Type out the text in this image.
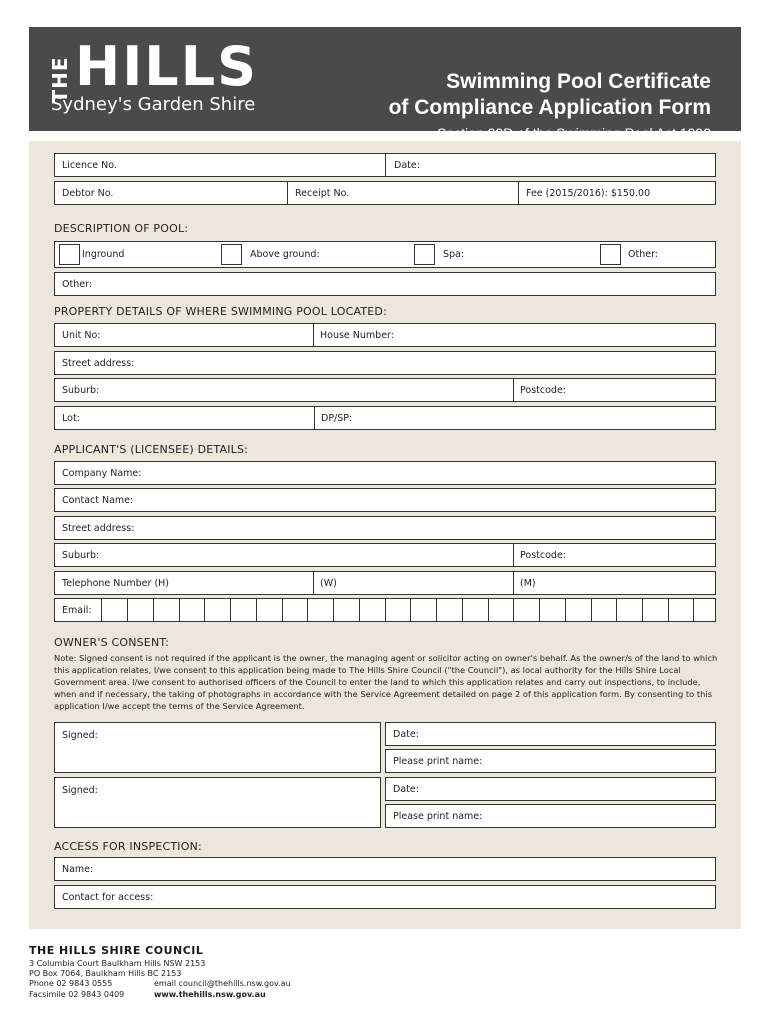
THE HILLS
Sydney's Garden Shire
Swimming Pool Certificate
of Compliance Application Form
Section 22D of the Swimming Pool Act 1992
Licence No.	Date:
Debtor No.	Receipt No.	Fee (2015/2016): $150.00
DESCRIPTION OF POOL:
Inground	Above ground:	Spa:	Other:
Other:
PROPERTY DETAILS OF WHERE SWIMMING POOL LOCATED:
Unit No:	House Number:
Street address:
Suburb:	Postcode:
Lot:	DP/SP:
APPLICANT'S (LICENSEE) DETAILS:
Company Name:
Contact Name:
Street address:
Suburb:	Postcode:
Telephone Number (H)	(W)	(M)
Email:
OWNER'S CONSENT:
Note: Signed consent is not required if the applicant is the owner, the managing agent or solicitor acting on owner's behalf. As the owner/s of the land to which this application relates, I/we consent to this application being made to The Hills Shire Council ("the Council"), as local authority for the Hills Shire Local Government area. I/we consent to authorised officers of the Council to enter the land to which this application relates and carry out inspections, to include, when and if necessary, the taking of photographs in accordance with the Service Agreement detailed on page 2 of this application form. By consenting to this application I/we accept the terms of the Service Agreement.
Signed:	Date:
Please print name:
Signed:	Date:
Please print name:
ACCESS FOR INSPECTION:
Name:
Contact for access:
THE HILLS SHIRE COUNCIL
3 Columbia Court Baulkham Hills NSW 2153
PO Box 7064, Baulkham Hills BC 2153
Phone 02 9843 0555
Facsimile 02 9843 0409
email council@thehills.nsw.gov.au
www.thehills.nsw.gov.au
